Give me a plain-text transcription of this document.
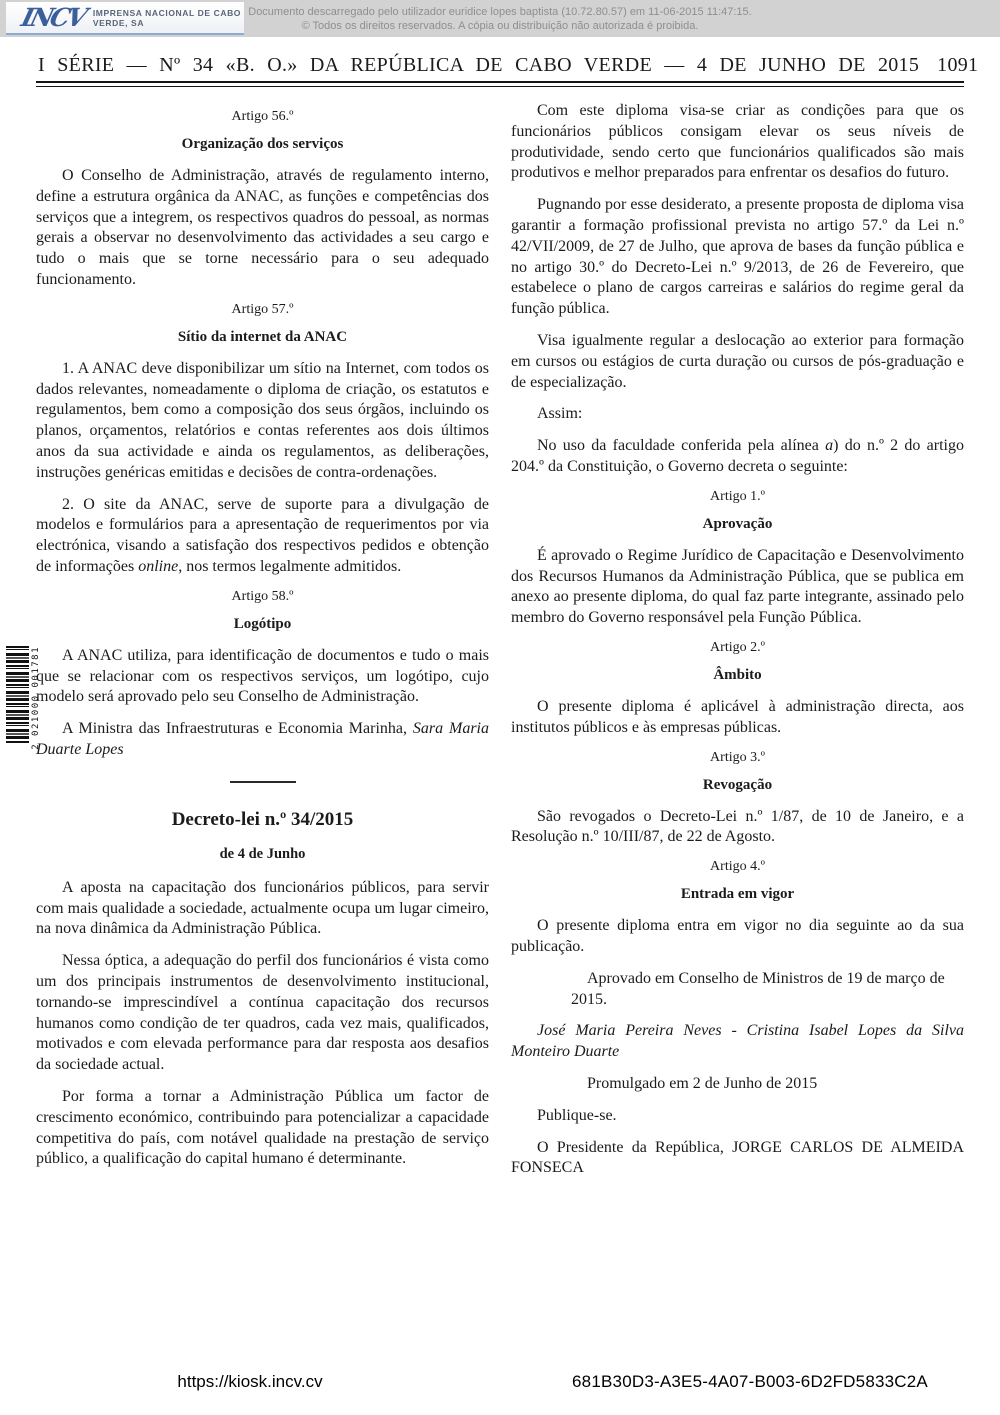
Documento descarregado pelo utilizador euridice lopes baptista (10.72.80.57) em 11-06-2015 11:47:15.
© Todos os direitos reservados. A cópia ou distribuição não autorizada é proibida.
INCV IMPRENSA NACIONAL DE CABO VERDE, SA
I SÉRIE — Nº 34 «B. O.» DA REPÚBLICA DE CABO VERDE — 4 DE JUNHO DE 2015 1091
2 021000 001781
Artigo 56.º
Organização dos serviços

O Conselho de Administração, através de regulamento interno, define a estrutura orgânica da ANAC, as funções e competências dos serviços que a integrem, os respectivos quadros do pessoal, as normas gerais a observar no desenvolvimento das actividades a seu cargo e tudo o mais que se torne necessário para o seu adequado funcionamento.

Artigo 57.º
Sítio da internet da ANAC

1. A ANAC deve disponibilizar um sítio na Internet, com todos os dados relevantes, nomeadamente o diploma de criação, os estatutos e regulamentos, bem como a composição dos seus órgãos, incluindo os planos, orçamentos, relatórios e contas referentes aos dois últimos anos da sua actividade e ainda os regulamentos, as deliberações, instruções genéricas emitidas e decisões de contra-ordenações.

2. O site da ANAC, serve de suporte para a divulgação de modelos e formulários para a apresentação de requerimentos por via electrónica, visando a satisfação dos respectivos pedidos e obtenção de informações online, nos termos legalmente admitidos.

Artigo 58.º
Logótipo

A ANAC utiliza, para identificação de documentos e tudo o mais que se relacionar com os respectivos serviços, um logótipo, cujo modelo será aprovado pelo seu Conselho de Administração.

A Ministra das Infraestruturas e Economia Marinha, Sara Maria Duarte Lopes

Decreto-lei n.º 34/2015
de 4 de Junho

A aposta na capacitação dos funcionários públicos, para servir com mais qualidade a sociedade, actualmente ocupa um lugar cimeiro, na nova dinâmica da Administração Pública.

Nessa óptica, a adequação do perfil dos funcionários é vista como um dos principais instrumentos de desenvolvimento institucional, tornando-se imprescindível a contínua capacitação dos recursos humanos como condição de ter quadros, cada vez mais, qualificados, motivados e com elevada performance para dar resposta aos desafios da sociedade actual.

Por forma a tornar a Administração Pública um factor de crescimento económico, contribuindo para potencializar a capacidade competitiva do país, com notável qualidade na prestação de serviço público, a qualificação do capital humano é determinante.

Com este diploma visa-se criar as condições para que os funcionários públicos consigam elevar os seus níveis de produtividade, sendo certo que funcionários qualificados são mais produtivos e melhor preparados para enfrentar os desafios do futuro.

Pugnando por esse desiderato, a presente proposta de diploma visa garantir a formação profissional prevista no artigo 57.º da Lei n.º 42/VII/2009, de 27 de Julho, que aprova de bases da função pública e no artigo 30.º do Decreto-Lei n.º 9/2013, de 26 de Fevereiro, que estabelece o plano de cargos carreiras e salários do regime geral da função pública.

Visa igualmente regular a deslocação ao exterior para formação em cursos ou estágios de curta duração ou cursos de pós-graduação e de especialização.

Assim:

No uso da faculdade conferida pela alínea a) do n.º 2 do artigo 204.º da Constituição, o Governo decreta o seguinte:

Artigo 1.º
Aprovação

É aprovado o Regime Jurídico de Capacitação e Desenvolvimento dos Recursos Humanos da Administração Pública, que se publica em anexo ao presente diploma, do qual faz parte integrante, assinado pelo membro do Governo responsável pela Função Pública.

Artigo 2.º
Âmbito

O presente diploma é aplicável à administração directa, aos institutos públicos e às empresas públicas.

Artigo 3.º
Revogação

São revogados o Decreto-Lei n.º 1/87, de 10 de Janeiro, e a Resolução n.º 10/III/87, de 22 de Agosto.

Artigo 4.º
Entrada em vigor

O presente diploma entra em vigor no dia seguinte ao da sua publicação.

Aprovado em Conselho de Ministros de 19 de março de 2015.

José Maria Pereira Neves - Cristina Isabel Lopes da Silva Monteiro Duarte

Promulgado em 2 de Junho de 2015

Publique-se.

O Presidente da República, JORGE CARLOS DE ALMEIDA FONSECA

https://kiosk.incv.cv	681B30D3-A3E5-4A07-B003-6D2FD5833C2A
